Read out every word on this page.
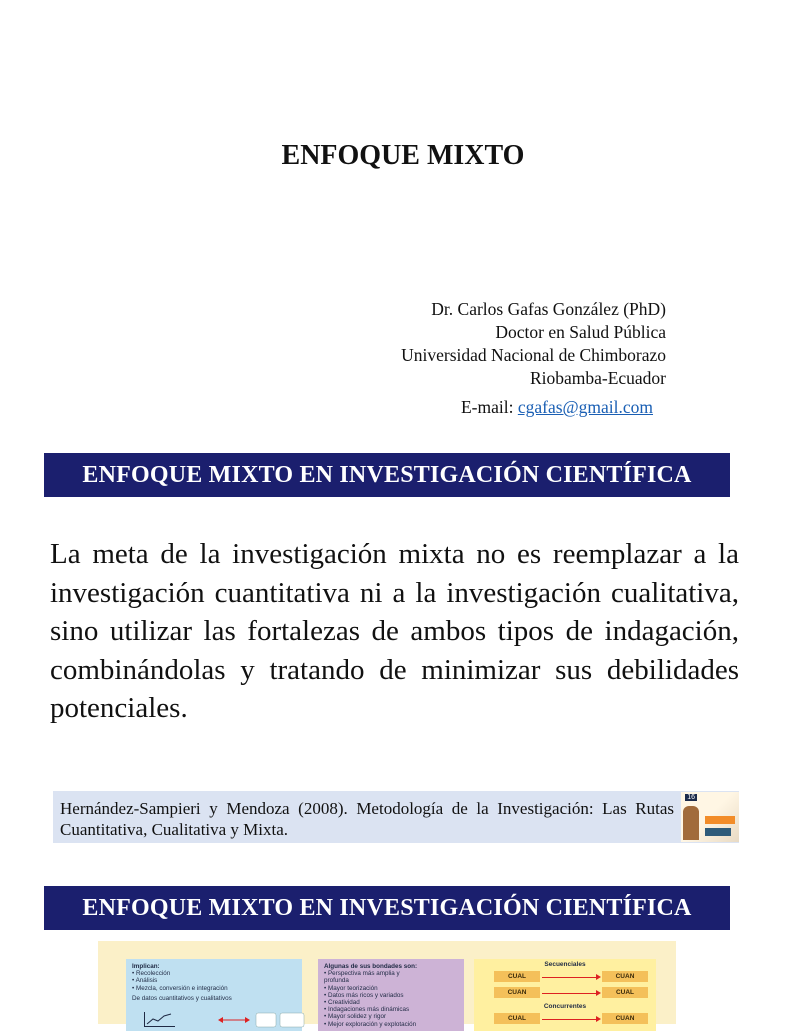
ENFOQUE MIXTO
Dr. Carlos Gafas González (PhD)
Doctor en Salud Pública
Universidad Nacional de Chimborazo
Riobamba-Ecuador
E-mail: cgafas@gmail.com
ENFOQUE MIXTO EN INVESTIGACIÓN CIENTÍFICA
La meta de la investigación mixta no es reemplazar a la investigación cuantitativa ni a la investigación cualitativa, sino utilizar las fortalezas de ambos tipos de indagación, combinándolas y tratando de minimizar sus debilidades potenciales.
Hernández-Sampieri y Mendoza (2008). Metodología de la Investigación: Las Rutas Cuantitativa, Cualitativa y Mixta.
16
ENFOQUE MIXTO EN INVESTIGACIÓN CIENTÍFICA
Implican:
• Recolección
• Análisis
• Mezcla, conversión e integración
De datos cuantitativos y cualitativos
Algunas de sus bondades son:
• Perspectiva más amplia y
profunda
• Mayor teorización
• Datos más ricos y variados
• Creatividad
• Indagaciones más dinámicas
• Mayor solidez y rigor
• Mejor exploración y explotación
Secuenciales
CUAL	CUAN
CUAN	CUAL
Concurrentes
CUAL	CUAN
